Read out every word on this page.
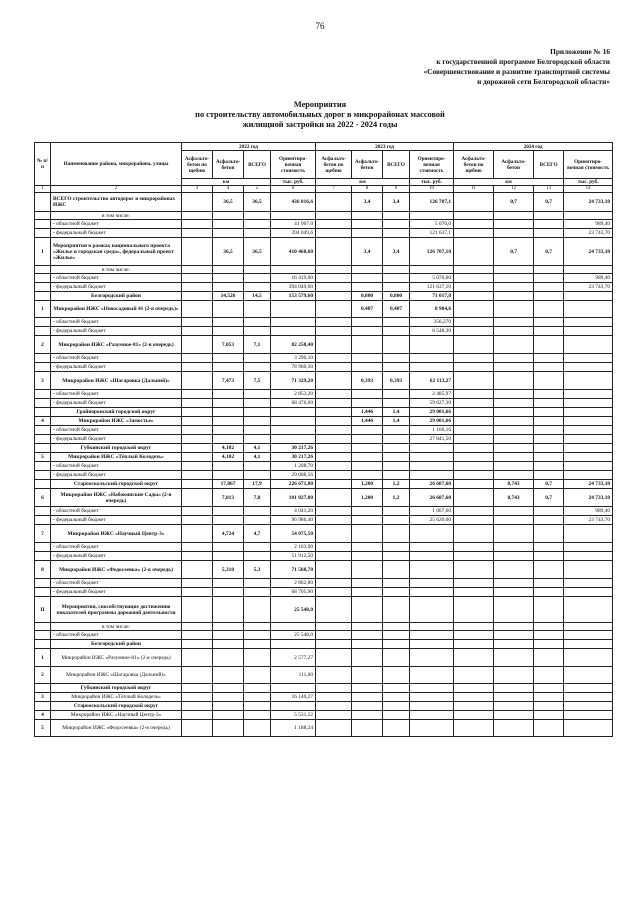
76
Приложение № 16
к государственной программе Белгородской области
«Совершенствование и развитие транспортной системы
и дорожной сети Белгородской области»
Мероприятия
по строительству автомобильных дорог в микрорайонах массовой
жилищной застройки на 2022 - 2024 годы
№ п/п	Наименование района, микрорайона, улицы	2022 год				2023 год				2024 год			
		Асфальто-бетон по щебню	Асфальто-бетон	ВСЕГО	Ориентиро-вочная стоимость	Асфальто-бетон по щебню	Асфальто-бетон	ВСЕГО	Ориентиро-вочная стоимость	Асфальто-бетон по щебню	Асфальто-бетон	ВСЕГО	Ориентиро-вочная стоимость
		км			тыс. руб.	км			тыс. руб.	км			тыс. руб.
1	2	3	4	5	6	7	8	9	10	11	12	13	14
	ВСЕГО строительство автодорог в микрорайонах ИЖС		36,5	36,5	436 016,6		3,4	3,4	126 707,1		0,7	0,7	24 733,10
	в том числе:												
	- областной бюджет				41 967,0				5 070,0				989,40
	- федеральный бюджет				394 049,6				121 637,1				23 743,70
I	Мероприятия в рамках национального проекта «Жилье и городская среда», федеральный проект «Жилье»		36,5	36,5	410 468,60		3,4	3,4	126 707,10		0,7	0,7	24 733,10
	в том числе:												
	- областной бюджет				16 419,00				5 070,00				989,40
	- федеральный бюджет				394 049,60				121 637,10				23 743,70
	Белгородский район		14,526	14,5	153 579,60		0,800	0,800	71 017,8				
1	Микрорайон ИЖС «Новосадовый 41 (2-я очередь)»						0,407	0,407	8 904,6				
	- областной бюджет								356,270				
	- федеральный бюджет								8 548,30				
2	Микрорайон ИЖС «Разумное-81» (2-я очередь)		7,053	7,1	82 250,40								
	- областной бюджет				3 290,10								
	- федеральный бюджет				78 960,30								
3	Микрорайон ИЖС «Шагаровка (Дальний)»		7,473	7,5	71 329,20		0,393	0,393	62 113,27				
	- областной бюджет				2 853,20				2 485,97				
	- федеральный бюджет				68 476,00				59 627,30				
	Грайворонский городской округ						1,446	1,4	29 001,66				
4	Микрорайон ИЖС «Замостье»						1,446	1,4	29 001,66				
	- областной бюджет								1 160,16				
	- федеральный бюджет								27 841,50				
	Губкинский городской округ		4,102	4,1	30 217,26								
5	Микрорайон ИЖС «Тёплый Колодезь»		4,102	4,1	30 217,26								
	- областной бюджет				1 208,70								
	- федеральный бюджет				29 008,56								
	Старооскольский городской округ		17,867	17,9	226 671,80		1,200	1,2	26 687,60		0,743	0,7	24 733,10
6	Микрорайон ИЖС «Набокинские Сады» (2-я очередь)		7,813	7,8	101 027,00		1,200	1,2	26 687,60		0,743	0,7	24 733,10
	- областной бюджет				4 041,20				1 067,60				989,40
	- федеральный бюджет				96 986,40				25 620,00				23 743,70
7	Микрорайон ИЖС «Научный Центр-3»		4,724	4,7	54 075,50								
	- областной бюджет				2 163,00								
	- федеральный бюджет				51 912,50								
8	Микрорайон ИЖС «Федосеевка» (2-я очередь)		5,310	5,3	71 568,70								
	- областной бюджет				2 862,80								
	- федеральный бюджет				68 705,90								
II	Мероприятия, способствующие достижению показателей программы дорожной деятельности				25 548,0								
	в том числе:												
	- областной бюджет				25 548,0								
	Белгородский район												
1	Микрорайон ИЖС «Разумное-81» (2-я очередь)				2 577,27								
2	Микрорайон ИЖС «Шагаровка (Дальний)»				111,00								
	Губкинский городской округ												
3	Микрорайон ИЖС «Тёплый Колодезь»				16 140,27								
	Старооскольский городской округ												
4	Микрорайон ИЖС «Научный Центр-3»				5 531,22								
5	Микрорайон ИЖС «Федосеевка» (2-я очередь)				1 188,24								
